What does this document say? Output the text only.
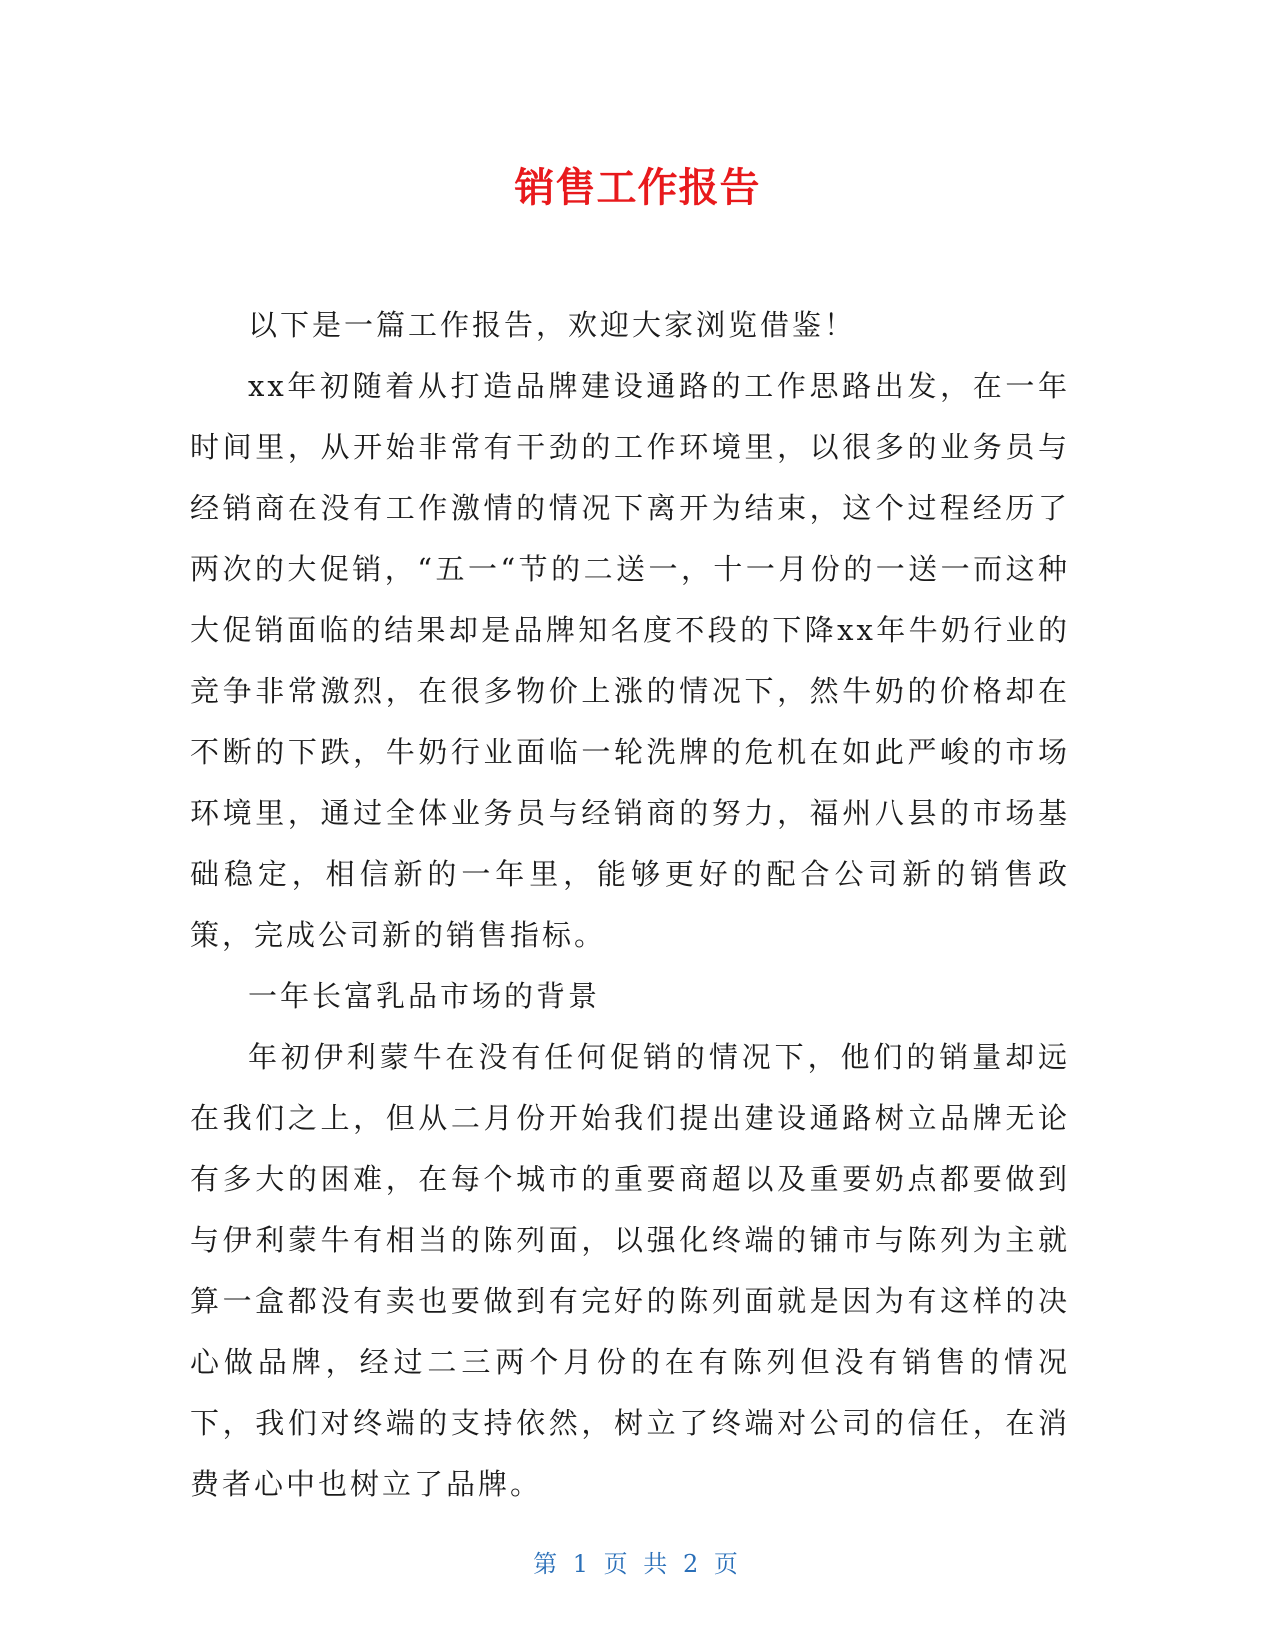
销售工作报告

以下是一篇工作报告，欢迎大家浏览借鉴！

xx年初随着从打造品牌建设通路的工作思路出发，在一年时间里，从开始非常有干劲的工作环境里，以很多的业务员与经销商在没有工作激情的情况下离开为结束，这个过程经历了两次的大促销，“五一“节的二送一，十一月份的一送一而这种大促销面临的结果却是品牌知名度不段的下降xx年牛奶行业的竞争非常激烈，在很多物价上涨的情况下，然牛奶的价格却在不断的下跌，牛奶行业面临一轮洗牌的危机在如此严峻的市场环境里，通过全体业务员与经销商的努力，福州八县的市场基础稳定，相信新的一年里，能够更好的配合公司新的销售政策，完成公司新的销售指标。

一年长富乳品市场的背景

年初伊利蒙牛在没有任何促销的情况下，他们的销量却远在我们之上，但从二月份开始我们提出建设通路树立品牌无论有多大的困难，在每个城市的重要商超以及重要奶点都要做到与伊利蒙牛有相当的陈列面，以强化终端的铺市与陈列为主就算一盒都没有卖也要做到有完好的陈列面就是因为有这样的决心做品牌，经过二三两个月份的在有陈列但没有销售的情况下，我们对终端的支持依然，树立了终端对公司的信任，在消费者心中也树立了品牌。

第 1 页 共 2 页
